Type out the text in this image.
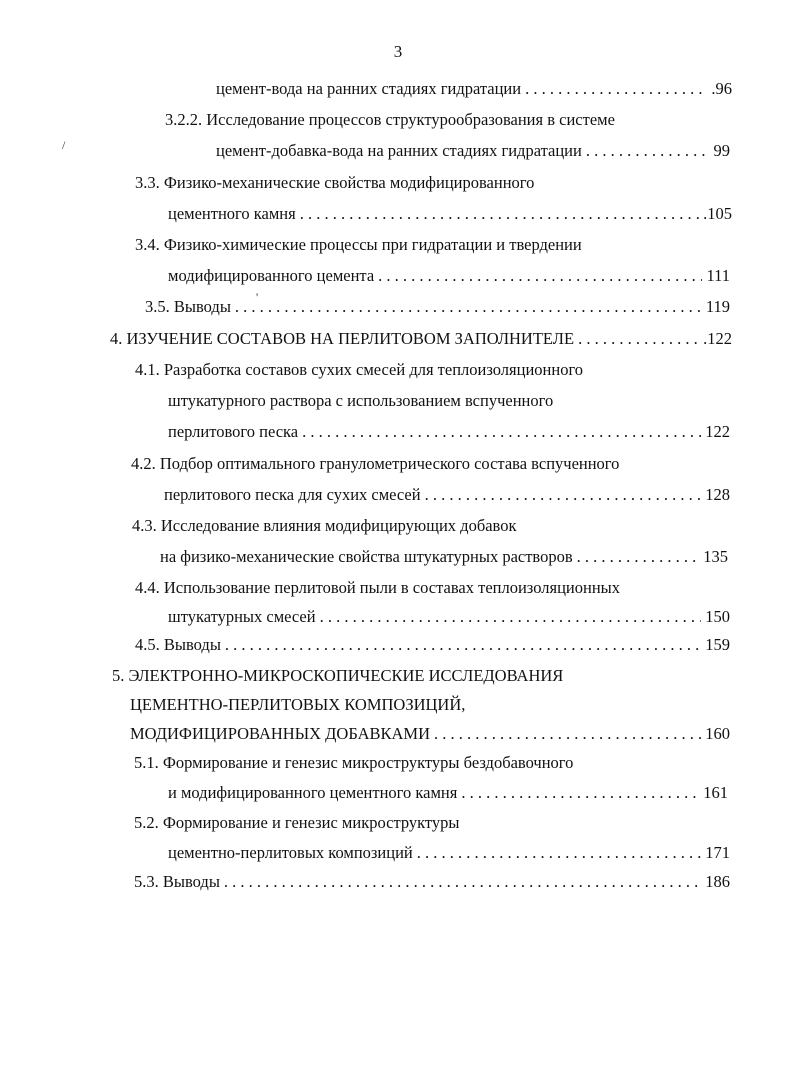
3
/
'
цемент-вода на ранних стадиях гидратации . . .	.96
3.2.2. Исследование процессов структурообразования в системе
цемент-добавка-вода на ранних стадиях гидратации . . .	99
3.3. Физико-механические свойства модифицированного
цементного камня . . .	.105
3.4. Физико-химические процессы при гидратации и твердении
модифицированного цемента . . .	111
3.5. Выводы . . .	119
4. ИЗУЧЕНИЕ СОСТАВОВ НА ПЕРЛИТОВОМ ЗАПОЛНИТЕЛЕ . . .	.122
4.1. Разработка составов сухих смесей для теплоизоляционного
штукатурного раствора с использованием вспученного
перлитового песка . . .	122
4.2. Подбор оптимального гранулометрического состава вспученного
перлитового песка для сухих смесей . . .	128
4.3. Исследование влияния модифицирующих добавок
на физико-механические свойства штукатурных растворов . . .	135
4.4. Использование перлитовой пыли в составах теплоизоляционных
штукатурных смесей . . .	150
4.5. Выводы . . .	159
5. ЭЛЕКТРОННО-МИКРОСКОПИЧЕСКИЕ ИССЛЕДОВАНИЯ
ЦЕМЕНТНО-ПЕРЛИТОВЫХ КОМПОЗИЦИЙ,
МОДИФИЦИРОВАННЫХ ДОБАВКАМИ . . .	160
5.1. Формирование и генезис микроструктуры бездобавочного
и модифицированного цементного камня . . .	161
5.2. Формирование и генезис микроструктуры
цементно-перлитовых композиций . . .	171
5.3. Выводы . . .	186
